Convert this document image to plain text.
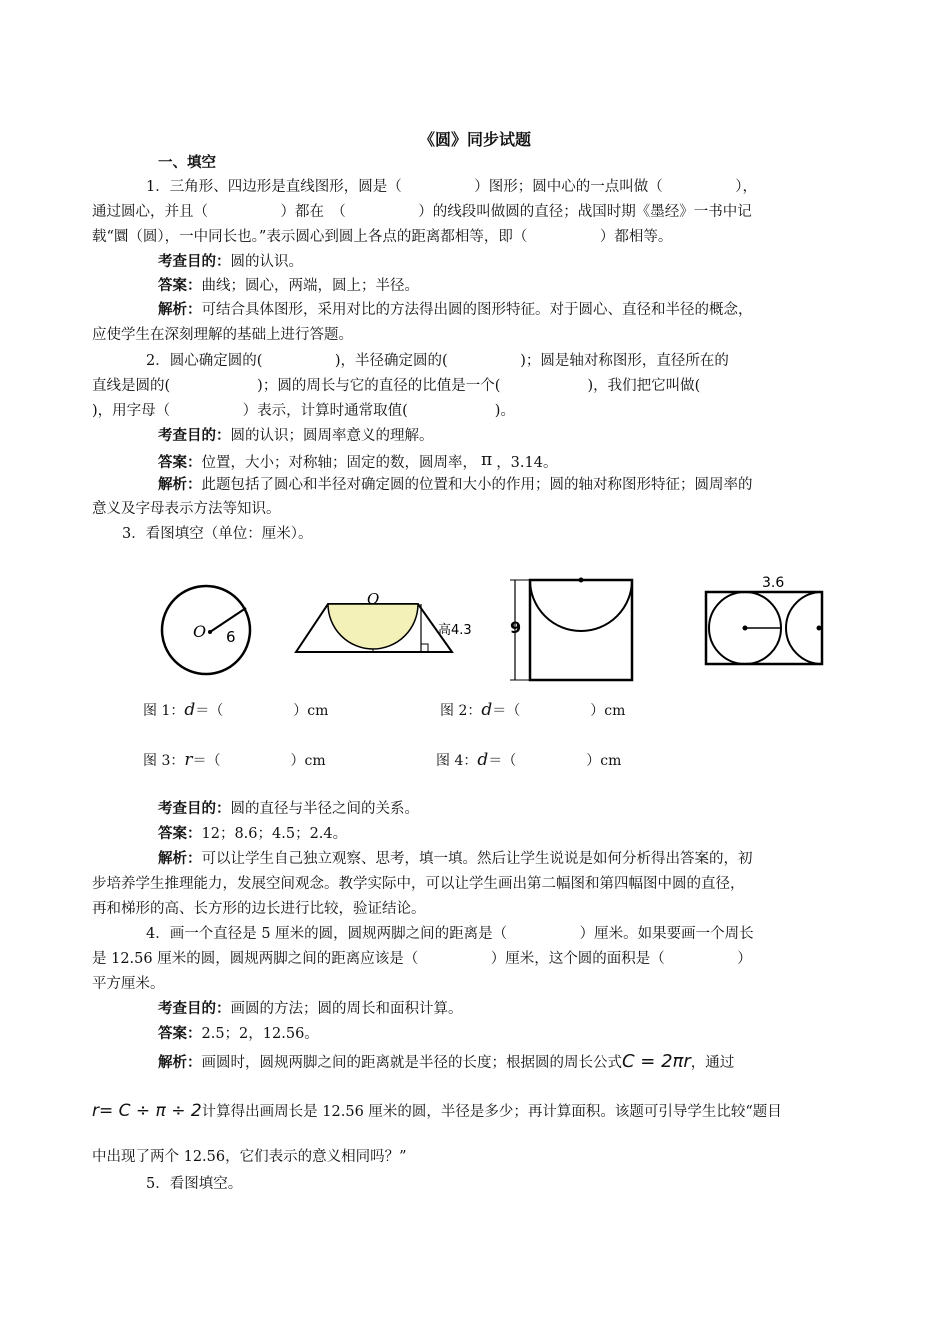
《圆》同步试题
一、填空
1．三角形、四边形是直线图形，圆是（　　　　　）图形；圆中心的一点叫做（　　　　　），
通过圆心，并且（　　　　　）都在　（　　　　　）的线段叫做圆的直径；战国时期《墨经》一书中记
载“圜（圆），一中同长也。”表示圆心到圆上各点的距离都相等，即（　　　　　）都相等。
考查目的：圆的认识。
答案：曲线；圆心，两端，圆上；半径。
解析：可结合具体图形，采用对比的方法得出圆的图形特征。对于圆心、直径和半径的概念，
应使学生在深刻理解的基础上进行答题。
2．圆心确定圆的(　　　　　)，半径确定圆的(　　　　　)；圆是轴对称图形，直径所在的
直线是圆的(　　　　　　)；圆的周长与它的直径的比值是一个(　　　　　　)，我们把它叫做(
)，用字母（　　　　　）表示，计算时通常取值(　　　　　　)。
考查目的：圆的认识；圆周率意义的理解。
答案：位置，大小；对称轴；固定的数，圆周率， π ，3.14。
解析：此题包括了圆心和半径对确定圆的位置和大小的作用；圆的轴对称图形特征；圆周率的
意义及字母表示方法等知识。
3．看图填空（单位：厘米）。
O 6
O
高4.3 9
3.6
图 1：d＝（　　　　　）cm	图 2：d＝（　　　　　）cm
图 3：r＝（　　　　　）cm	图 4：d＝（　　　　　）cm
考查目的：圆的直径与半径之间的关系。
答案：12；8.6；4.5；2.4。
解析：可以让学生自己独立观察、思考，填一填。然后让学生说说是如何分析得出答案的，初
步培养学生推理能力，发展空间观念。教学实际中，可以让学生画出第二幅图和第四幅图中圆的直径，
再和梯形的高、长方形的边长进行比较，验证结论。
4．画一个直径是 5 厘米的圆，圆规两脚之间的距离是（　　　　　）厘米。如果要画一个周长
是 12.56 厘米的圆，圆规两脚之间的距离应该是（　　　　　）厘米，这个圆的面积是（　　　　　）
平方厘米。
考查目的：画圆的方法；圆的周长和面积计算。
答案：2.5；2，12.56。
解析：画圆时，圆规两脚之间的距离就是半径的长度；根据圆的周长公式C = 2πr，通过
r= C ÷ π ÷ 2计算得出画周长是 12.56 厘米的圆，半径是多少；再计算面积。该题可引导学生比较“题目
中出现了两个 12.56，它们表示的意义相同吗？”
5．看图填空。
